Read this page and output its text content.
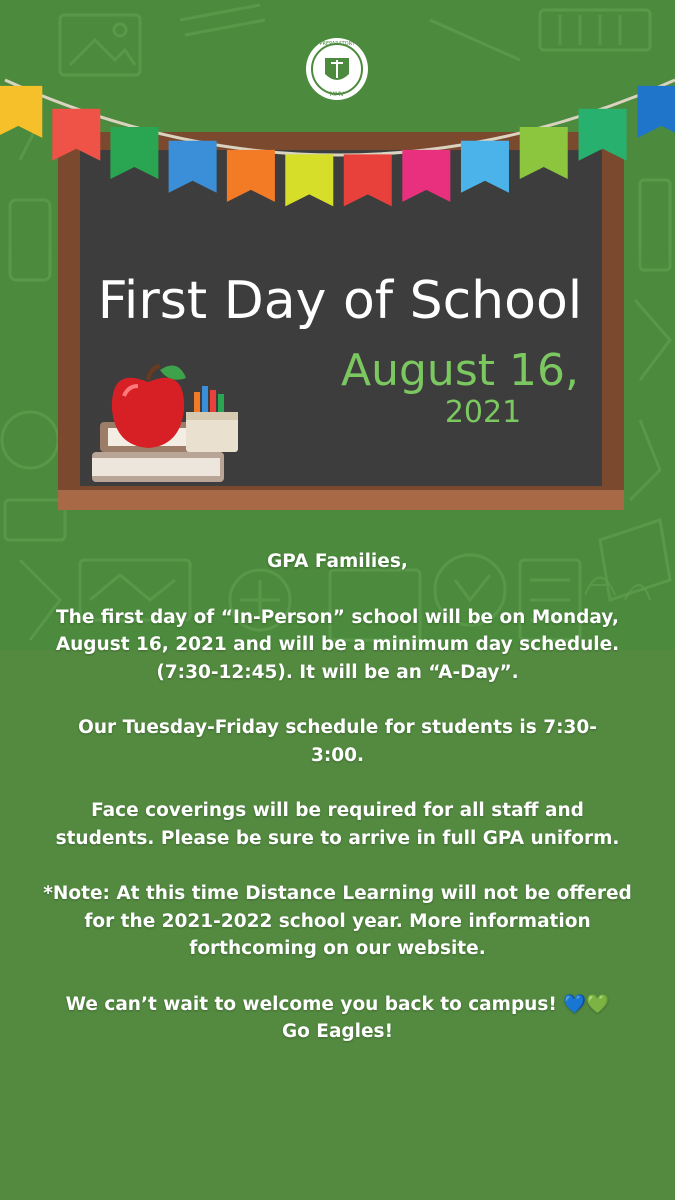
GOMPERS PREPARATORY ACADEMY
MMV
First Day of School
August 16,
2021

GPA Families,

The first day of “In-Person” school will be on Monday, August 16, 2021 and will be a minimum day schedule. (7:30-12:45). It will be an “A-Day”.

Our Tuesday-Friday schedule for students is 7:30-3:00.

Face coverings will be required for all staff and students. Please be sure to arrive in full GPA uniform.

*Note: At this time Distance Learning will not be offered for the 2021-2022 school year. More information forthcoming on our website.

We can’t wait to welcome you back to campus! 💙💚

Go Eagles!
